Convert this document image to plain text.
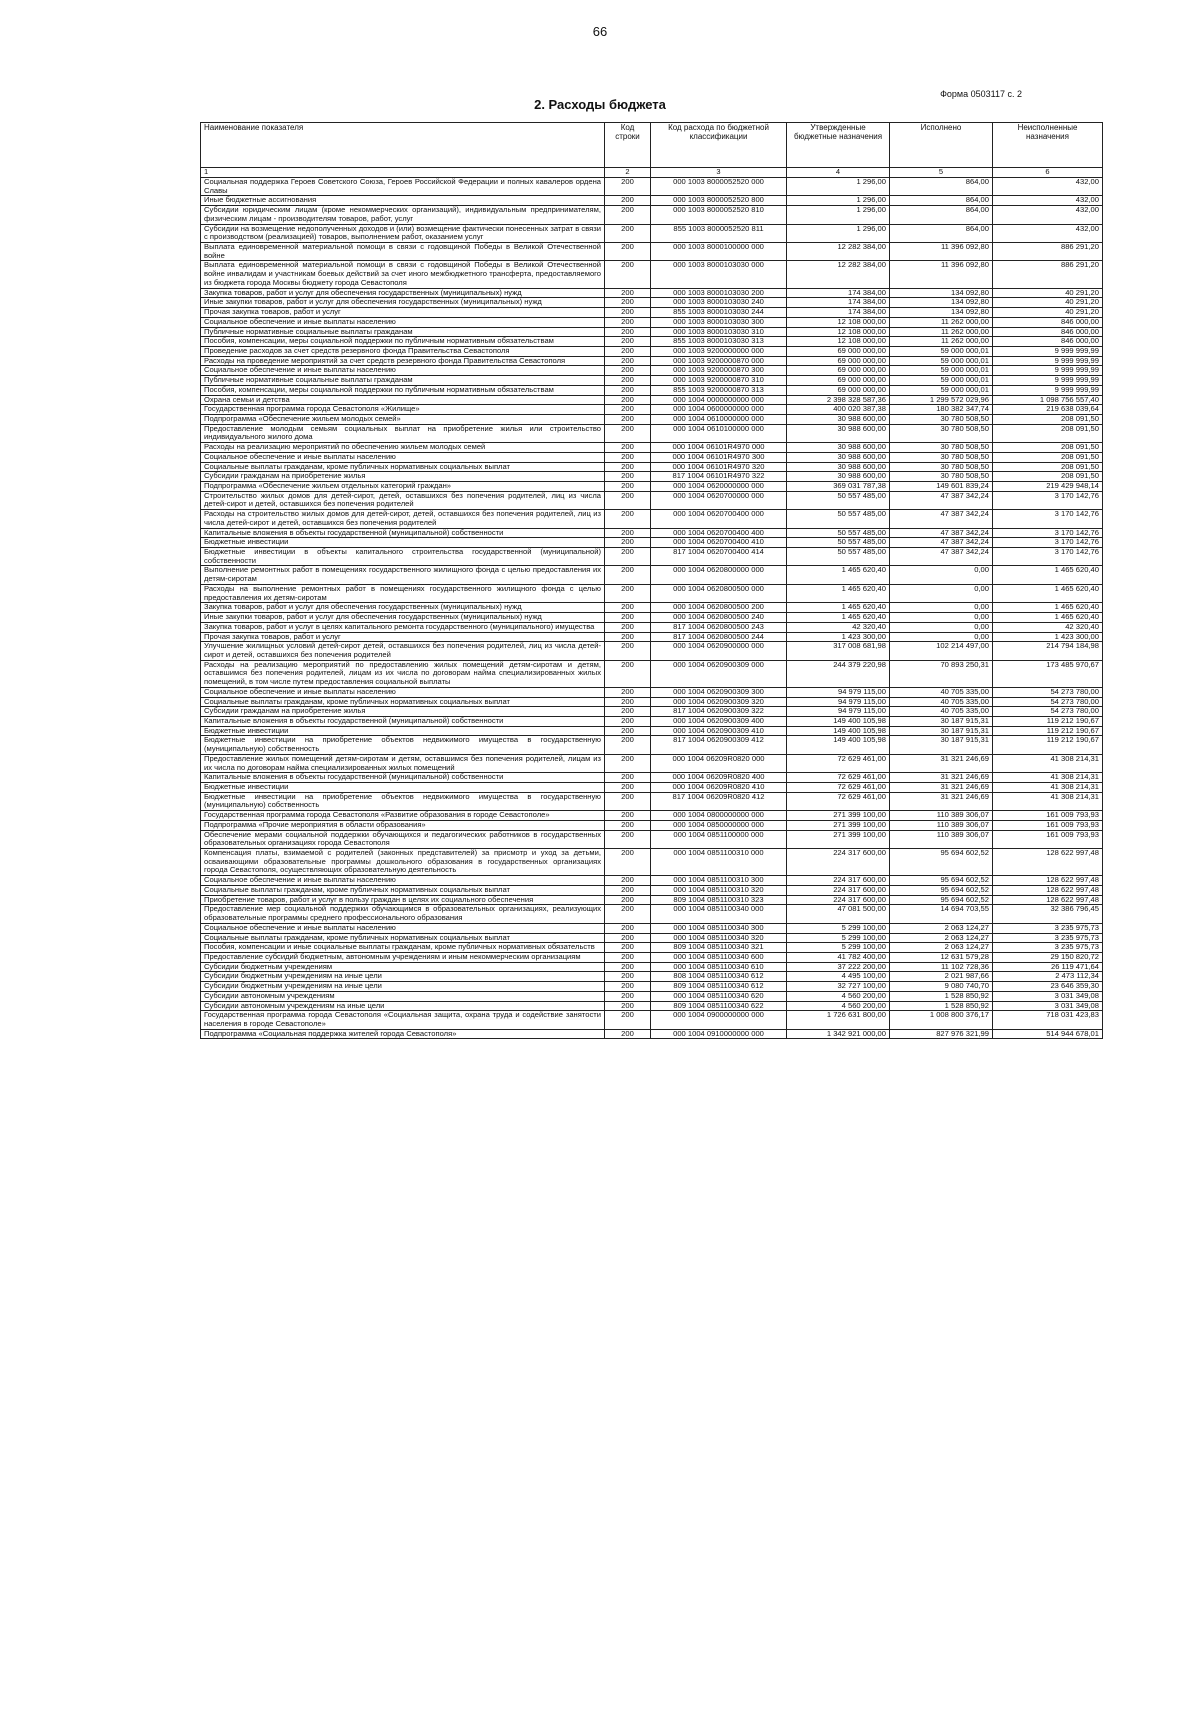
66
Форма 0503117 с. 2
2. Расходы бюджета
Наименование показателя	Код строки	Код расхода по бюджетной классификации	Утвержденные бюджетные назначения	Исполнено	Неисполненные назначения
1	2	3	4	5	6
Социальная поддержка Героев Советского Союза, Героев Российской Федерации и полных кавалеров ордена Славы	200	000 1003 8000052520 000	1 296,00	864,00	432,00
Иные бюджетные ассигнования	200	000 1003 8000052520 800	1 296,00	864,00	432,00
Субсидии юридическим лицам (кроме некоммерческих организаций), индивидуальным предпринимателям, физическим лицам - производителям товаров, работ, услуг	200	000 1003 8000052520 810	1 296,00	864,00	432,00
Субсидии на возмещение недополученных доходов и (или) возмещение фактически понесенных затрат в связи с производством (реализацией) товаров, выполнением работ, оказанием услуг	200	855 1003 8000052520 811	1 296,00	864,00	432,00
Выплата единовременной материальной помощи в связи с годовщиной Победы в Великой Отечественной войне	200	000 1003 8000100000 000	12 282 384,00	11 396 092,80	886 291,20
Выплата единовременной материальной помощи в связи с годовщиной Победы в Великой Отечественной войне инвалидам и участникам боевых действий за счет иного межбюджетного трансферта, предоставляемого из бюджета города Москвы бюджету города Севастополя	200	000 1003 8000103030 000	12 282 384,00	11 396 092,80	886 291,20
Закупка товаров, работ и услуг для обеспечения государственных (муниципальных) нужд	200	000 1003 8000103030 200	174 384,00	134 092,80	40 291,20
Иные закупки товаров, работ и услуг для обеспечения государственных (муниципальных) нужд	200	000 1003 8000103030 240	174 384,00	134 092,80	40 291,20
Прочая закупка товаров, работ и услуг	200	855 1003 8000103030 244	174 384,00	134 092,80	40 291,20
Социальное обеспечение и иные выплаты населению	200	000 1003 8000103030 300	12 108 000,00	11 262 000,00	846 000,00
Публичные нормативные социальные выплаты гражданам	200	000 1003 8000103030 310	12 108 000,00	11 262 000,00	846 000,00
Пособия, компенсации, меры социальной поддержки по публичным нормативным обязательствам	200	855 1003 8000103030 313	12 108 000,00	11 262 000,00	846 000,00
Проведение расходов за счет средств резервного фонда Правительства Севастополя	200	000 1003 9200000000 000	69 000 000,00	59 000 000,01	9 999 999,99
Расходы на проведение мероприятий за счет средств резервного фонда Правительства Севастополя	200	000 1003 9200000870 000	69 000 000,00	59 000 000,01	9 999 999,99
Социальное обеспечение и иные выплаты населению	200	000 1003 9200000870 300	69 000 000,00	59 000 000,01	9 999 999,99
Публичные нормативные социальные выплаты гражданам	200	000 1003 9200000870 310	69 000 000,00	59 000 000,01	9 999 999,99
Пособия, компенсации, меры социальной поддержки по публичным нормативным обязательствам	200	855 1003 9200000870 313	69 000 000,00	59 000 000,01	9 999 999,99
Охрана семьи и детства	200	000 1004 0000000000 000	2 398 328 587,36	1 299 572 029,96	1 098 756 557,40
Государственная программа города Севастополя «Жилище»	200	000 1004 0600000000 000	400 020 387,38	180 382 347,74	219 638 039,64
Подпрограмма «Обеспечение жильем молодых семей»	200	000 1004 0610000000 000	30 988 600,00	30 780 508,50	208 091,50
Предоставление молодым семьям социальных выплат на приобретение жилья или строительство индивидуального жилого дома	200	000 1004 0610100000 000	30 988 600,00	30 780 508,50	208 091,50
Расходы на реализацию мероприятий по обеспечению жильем молодых семей	200	000 1004 06101R4970 000	30 988 600,00	30 780 508,50	208 091,50
Социальное обеспечение и иные выплаты населению	200	000 1004 06101R4970 300	30 988 600,00	30 780 508,50	208 091,50
Социальные выплаты гражданам, кроме публичных нормативных социальных выплат	200	000 1004 06101R4970 320	30 988 600,00	30 780 508,50	208 091,50
Субсидии гражданам на приобретение жилья	200	817 1004 06101R4970 322	30 988 600,00	30 780 508,50	208 091,50
Подпрограмма «Обеспечение жильем отдельных категорий граждан»	200	000 1004 0620000000 000	369 031 787,38	149 601 839,24	219 429 948,14
Строительство жилых домов для детей-сирот, детей, оставшихся без попечения родителей, лиц из числа детей-сирот и детей, оставшихся без попечения родителей	200	000 1004 0620700000 000	50 557 485,00	47 387 342,24	3 170 142,76
Расходы на строительство жилых домов для детей-сирот, детей, оставшихся без попечения родителей, лиц из числа детей-сирот и детей, оставшихся без попечения родителей	200	000 1004 0620700400 000	50 557 485,00	47 387 342,24	3 170 142,76
Капитальные вложения в объекты государственной (муниципальной) собственности	200	000 1004 0620700400 400	50 557 485,00	47 387 342,24	3 170 142,76
Бюджетные инвестиции	200	000 1004 0620700400 410	50 557 485,00	47 387 342,24	3 170 142,76
Бюджетные инвестиции в объекты капитального строительства государственной (муниципальной) собственности	200	817 1004 0620700400 414	50 557 485,00	47 387 342,24	3 170 142,76
Выполнение ремонтных работ в помещениях государственного жилищного фонда с целью предоставления их детям-сиротам	200	000 1004 0620800000 000	1 465 620,40	0,00	1 465 620,40
Расходы на выполнение ремонтных работ в помещениях государственного жилищного фонда с целью предоставления их детям-сиротам	200	000 1004 0620800500 000	1 465 620,40	0,00	1 465 620,40
Закупка товаров, работ и услуг для обеспечения государственных (муниципальных) нужд	200	000 1004 0620800500 200	1 465 620,40	0,00	1 465 620,40
Иные закупки товаров, работ и услуг для обеспечения государственных (муниципальных) нужд	200	000 1004 0620800500 240	1 465 620,40	0,00	1 465 620,40
Закупка товаров, работ и услуг в целях капитального ремонта государственного (муниципального) имущества	200	817 1004 0620800500 243	42 320,40	0,00	42 320,40
Прочая закупка товаров, работ и услуг	200	817 1004 0620800500 244	1 423 300,00	0,00	1 423 300,00
Улучшение жилищных условий детей-сирот детей, оставшихся без попечения родителей, лиц из числа детей-сирот и детей, оставшихся без попечения родителей	200	000 1004 0620900000 000	317 008 681,98	102 214 497,00	214 794 184,98
Расходы на реализацию мероприятий по предоставлению жилых помещений детям-сиротам и детям, оставшимся без попечения родителей, лицам из их числа по договорам найма специализированных жилых помещений, в том числе путем предоставления социальной выплаты	200	000 1004 0620900309 000	244 379 220,98	70 893 250,31	173 485 970,67
Социальное обеспечение и иные выплаты населению	200	000 1004 0620900309 300	94 979 115,00	40 705 335,00	54 273 780,00
Социальные выплаты гражданам, кроме публичных нормативных социальных выплат	200	000 1004 0620900309 320	94 979 115,00	40 705 335,00	54 273 780,00
Субсидии гражданам на приобретение жилья	200	817 1004 0620900309 322	94 979 115,00	40 705 335,00	54 273 780,00
Капитальные вложения в объекты государственной (муниципальной) собственности	200	000 1004 0620900309 400	149 400 105,98	30 187 915,31	119 212 190,67
Бюджетные инвестиции	200	000 1004 0620900309 410	149 400 105,98	30 187 915,31	119 212 190,67
Бюджетные инвестиции на приобретение объектов недвижимого имущества в государственную (муниципальную) собственность	200	817 1004 0620900309 412	149 400 105,98	30 187 915,31	119 212 190,67
Предоставление жилых помещений детям-сиротам и детям, оставшимся без попечения родителей, лицам из их числа по договорам найма специализированных жилых помещений	200	000 1004 06209R0820 000	72 629 461,00	31 321 246,69	41 308 214,31
Капитальные вложения в объекты государственной (муниципальной) собственности	200	000 1004 06209R0820 400	72 629 461,00	31 321 246,69	41 308 214,31
Бюджетные инвестиции	200	000 1004 06209R0820 410	72 629 461,00	31 321 246,69	41 308 214,31
Бюджетные инвестиции на приобретение объектов недвижимого имущества в государственную (муниципальную) собственность	200	817 1004 06209R0820 412	72 629 461,00	31 321 246,69	41 308 214,31
Государственная программа города Севастополя «Развитие образования в городе Севастополе»	200	000 1004 0800000000 000	271 399 100,00	110 389 306,07	161 009 793,93
Подпрограмма «Прочие мероприятия в области образования»	200	000 1004 0850000000 000	271 399 100,00	110 389 306,07	161 009 793,93
Обеспечение мерами социальной поддержки обучающихся и педагогических работников в государственных образовательных организациях города Севастополя	200	000 1004 0851100000 000	271 399 100,00	110 389 306,07	161 009 793,93
Компенсация платы, взимаемой с родителей (законных представителей) за присмотр и уход за детьми, осваивающими образовательные программы дошкольного образования в государственных организациях города Севастополя, осуществляющих образовательную деятельность	200	000 1004 0851100310 000	224 317 600,00	95 694 602,52	128 622 997,48
Социальное обеспечение и иные выплаты населению	200	000 1004 0851100310 300	224 317 600,00	95 694 602,52	128 622 997,48
Социальные выплаты гражданам, кроме публичных нормативных социальных выплат	200	000 1004 0851100310 320	224 317 600,00	95 694 602,52	128 622 997,48
Приобретение товаров, работ и услуг в пользу граждан в целях их социального обеспечения	200	809 1004 0851100310 323	224 317 600,00	95 694 602,52	128 622 997,48
Предоставление мер социальной поддержки обучающимся в образовательных организациях, реализующих образовательные программы среднего профессионального образования	200	000 1004 0851100340 000	47 081 500,00	14 694 703,55	32 386 796,45
Социальное обеспечение и иные выплаты населению	200	000 1004 0851100340 300	5 299 100,00	2 063 124,27	3 235 975,73
Социальные выплаты гражданам, кроме публичных нормативных социальных выплат	200	000 1004 0851100340 320	5 299 100,00	2 063 124,27	3 235 975,73
Пособия, компенсации и иные социальные выплаты гражданам, кроме публичных нормативных обязательств	200	809 1004 0851100340 321	5 299 100,00	2 063 124,27	3 235 975,73
Предоставление субсидий бюджетным, автономным учреждениям и иным некоммерческим организациям	200	000 1004 0851100340 600	41 782 400,00	12 631 579,28	29 150 820,72
Субсидии бюджетным учреждениям	200	000 1004 0851100340 610	37 222 200,00	11 102 728,36	26 119 471,64
Субсидии бюджетным учреждениям на иные цели	200	808 1004 0851100340 612	4 495 100,00	2 021 987,66	2 473 112,34
Субсидии бюджетным учреждениям на иные цели	200	809 1004 0851100340 612	32 727 100,00	9 080 740,70	23 646 359,30
Субсидии автономным учреждениям	200	000 1004 0851100340 620	4 560 200,00	1 528 850,92	3 031 349,08
Субсидии автономным учреждениям на иные цели	200	809 1004 0851100340 622	4 560 200,00	1 528 850,92	3 031 349,08
Государственная программа города Севастополя «Социальная защита, охрана труда и содействие занятости населения в городе Севастополе»	200	000 1004 0900000000 000	1 726 631 800,00	1 008 800 376,17	718 031 423,83
Подпрограмма «Социальная поддержка жителей города Севастополя»	200	000 1004 0910000000 000	1 342 921 000,00	827 976 321,99	514 944 678,01
